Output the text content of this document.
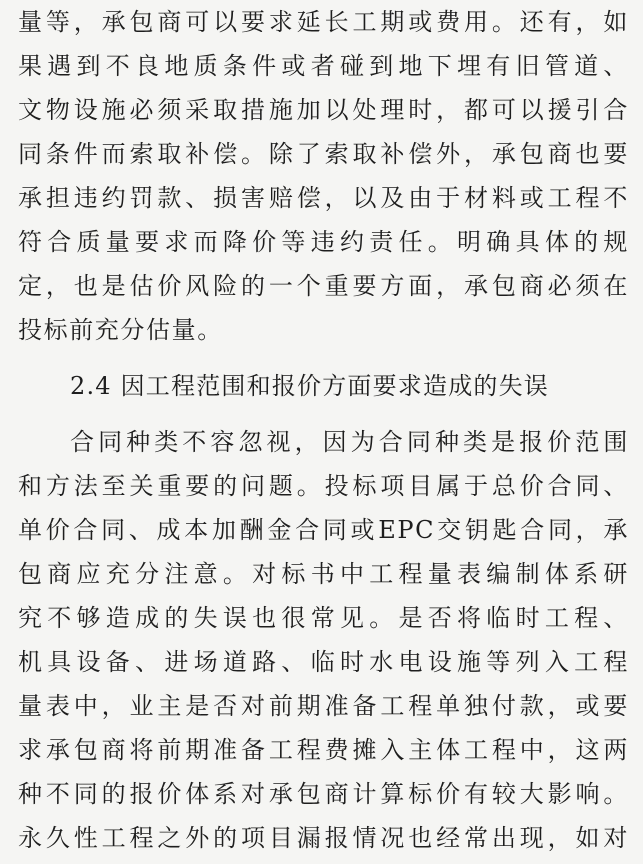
量等，承包商可以要求延长工期或费用。还有，如
果遇到不良地质条件或者碰到地下埋有旧管道、
文物设施必须采取措施加以处理时，都可以援引合
同条件而索取补偿。除了索取补偿外，承包商也要
承担违约罚款、损害赔偿，以及由于材料或工程不
符合质量要求而降价等违约责任。明确具体的规
定，也是估价风险的一个重要方面，承包商必须在
投标前充分估量。
2.4 因工程范围和报价方面要求造成的失误
合同种类不容忽视，因为合同种类是报价范围
和方法至关重要的问题。投标项目属于总价合同、
单价合同、成本加酬金合同或EPC交钥匙合同，承
包商应充分注意。对标书中工程量表编制体系研
究不够造成的失误也很常见。是否将临时工程、
机具设备、进场道路、临时水电设施等列入工程
量表中，业主是否对前期准备工程单独付款，或要
求承包商将前期准备工程费摊入主体工程中，这两
种不同的报价体系对承包商计算标价有较大影响。
永久性工程之外的项目漏报情况也经常出现，如对
